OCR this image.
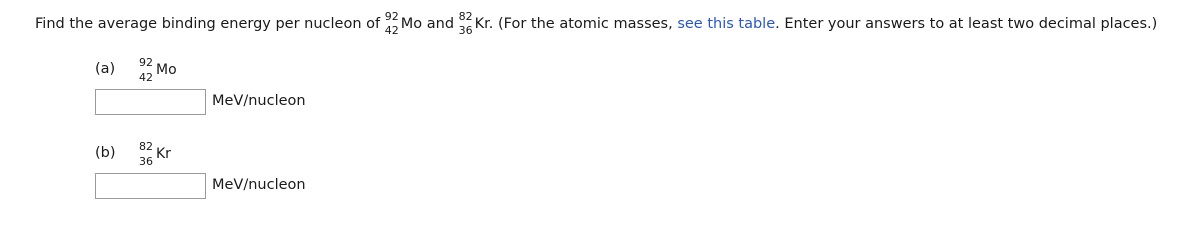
Find the average binding energy per nucleon of 92
42 Mo and 82
36 Kr. (For the atomic masses, see this table. Enter your answers to at least two decimal places.)
(a) 92
42 Mo
MeV/nucleon
(b) 82
36 Kr
MeV/nucleon
